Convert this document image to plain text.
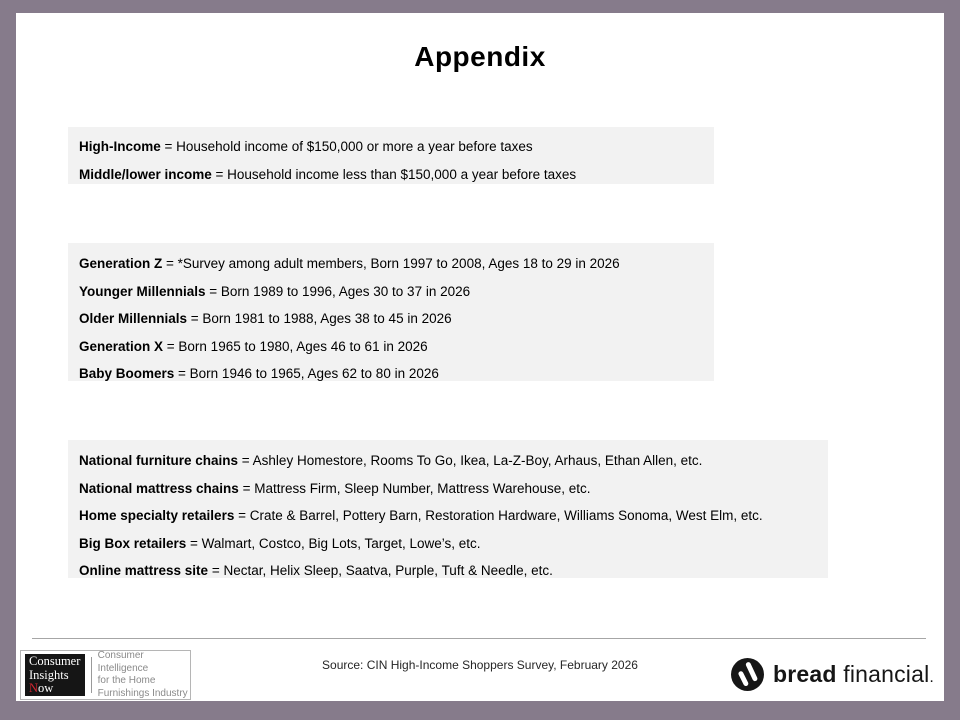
Appendix
High-Income = Household income of $150,000 or more a year before taxes
Middle/lower income = Household income less than $150,000 a year before taxes
Generation Z = *Survey among adult members, Born 1997 to 2008, Ages 18 to 29 in 2026
Younger Millennials = Born 1989 to 1996, Ages 30 to 37 in 2026
Older Millennials = Born 1981 to 1988, Ages 38 to 45 in 2026
Generation X = Born 1965 to 1980, Ages 46 to 61 in 2026
Baby Boomers = Born 1946 to 1965, Ages 62 to 80 in 2026
National furniture chains = Ashley Homestore, Rooms To Go, Ikea, La-Z-Boy, Arhaus, Ethan Allen, etc.
National mattress chains = Mattress Firm, Sleep Number, Mattress Warehouse, etc.
Home specialty retailers = Crate & Barrel, Pottery Barn, Restoration Hardware, Williams Sonoma, West Elm, etc.
Big Box retailers = Walmart, Costco, Big Lots, Target, Lowe’s, etc.
Online mattress site = Nectar, Helix Sleep, Saatva, Purple, Tuft & Needle, etc.
Consumer
Insights
Now
Consumer Intelligence
for the Home
Furnishings Industry
Source: CIN High-Income Shoppers Survey, February 2026	bread financial.
